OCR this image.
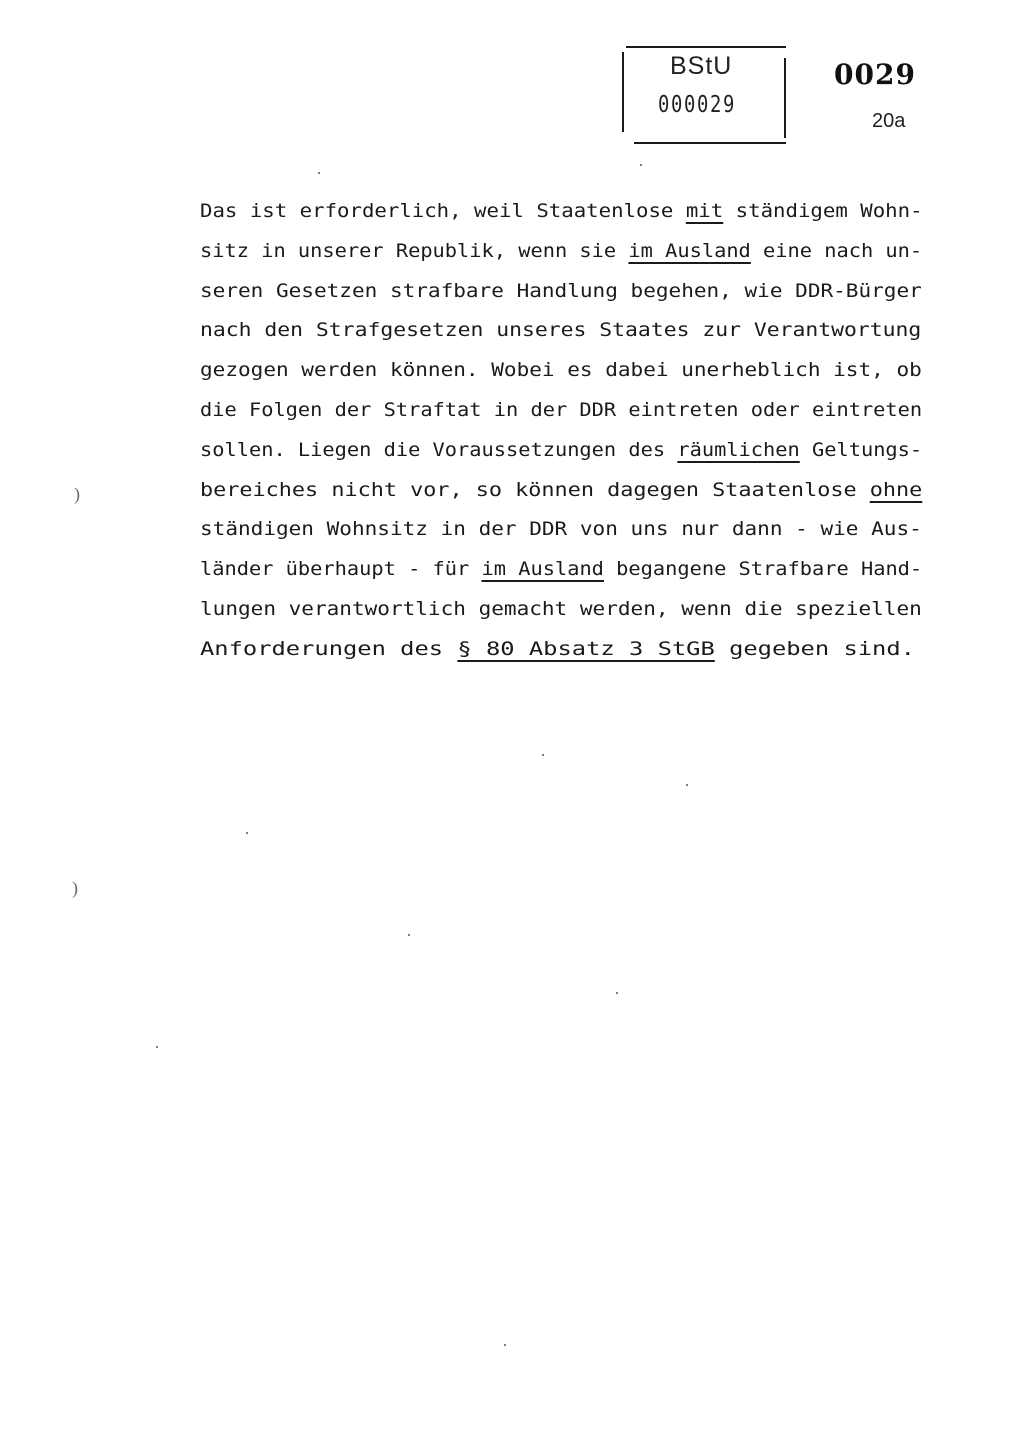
BStU
000029
0029
20a
Das ist erforderlich, weil Staatenlose mit ständigem Wohn-
sitz in unserer Republik, wenn sie im Ausland eine nach un-
seren Gesetzen strafbare Handlung begehen, wie DDR-Bürger
nach den Strafgesetzen unseres Staates zur Verantwortung
gezogen werden können. Wobei es dabei unerheblich ist, ob
die Folgen der Straftat in der DDR eintreten oder eintreten
sollen. Liegen die Voraussetzungen des räumlichen Geltungs-
bereiches nicht vor, so können dagegen Staatenlose ohne
ständigen Wohnsitz in der DDR von uns nur dann - wie Aus-
länder überhaupt - für im Ausland begangene Strafbare Hand-
lungen verantwortlich gemacht werden, wenn die speziellen
Anforderungen des § 80 Absatz 3 StGB gegeben sind.
)
)
